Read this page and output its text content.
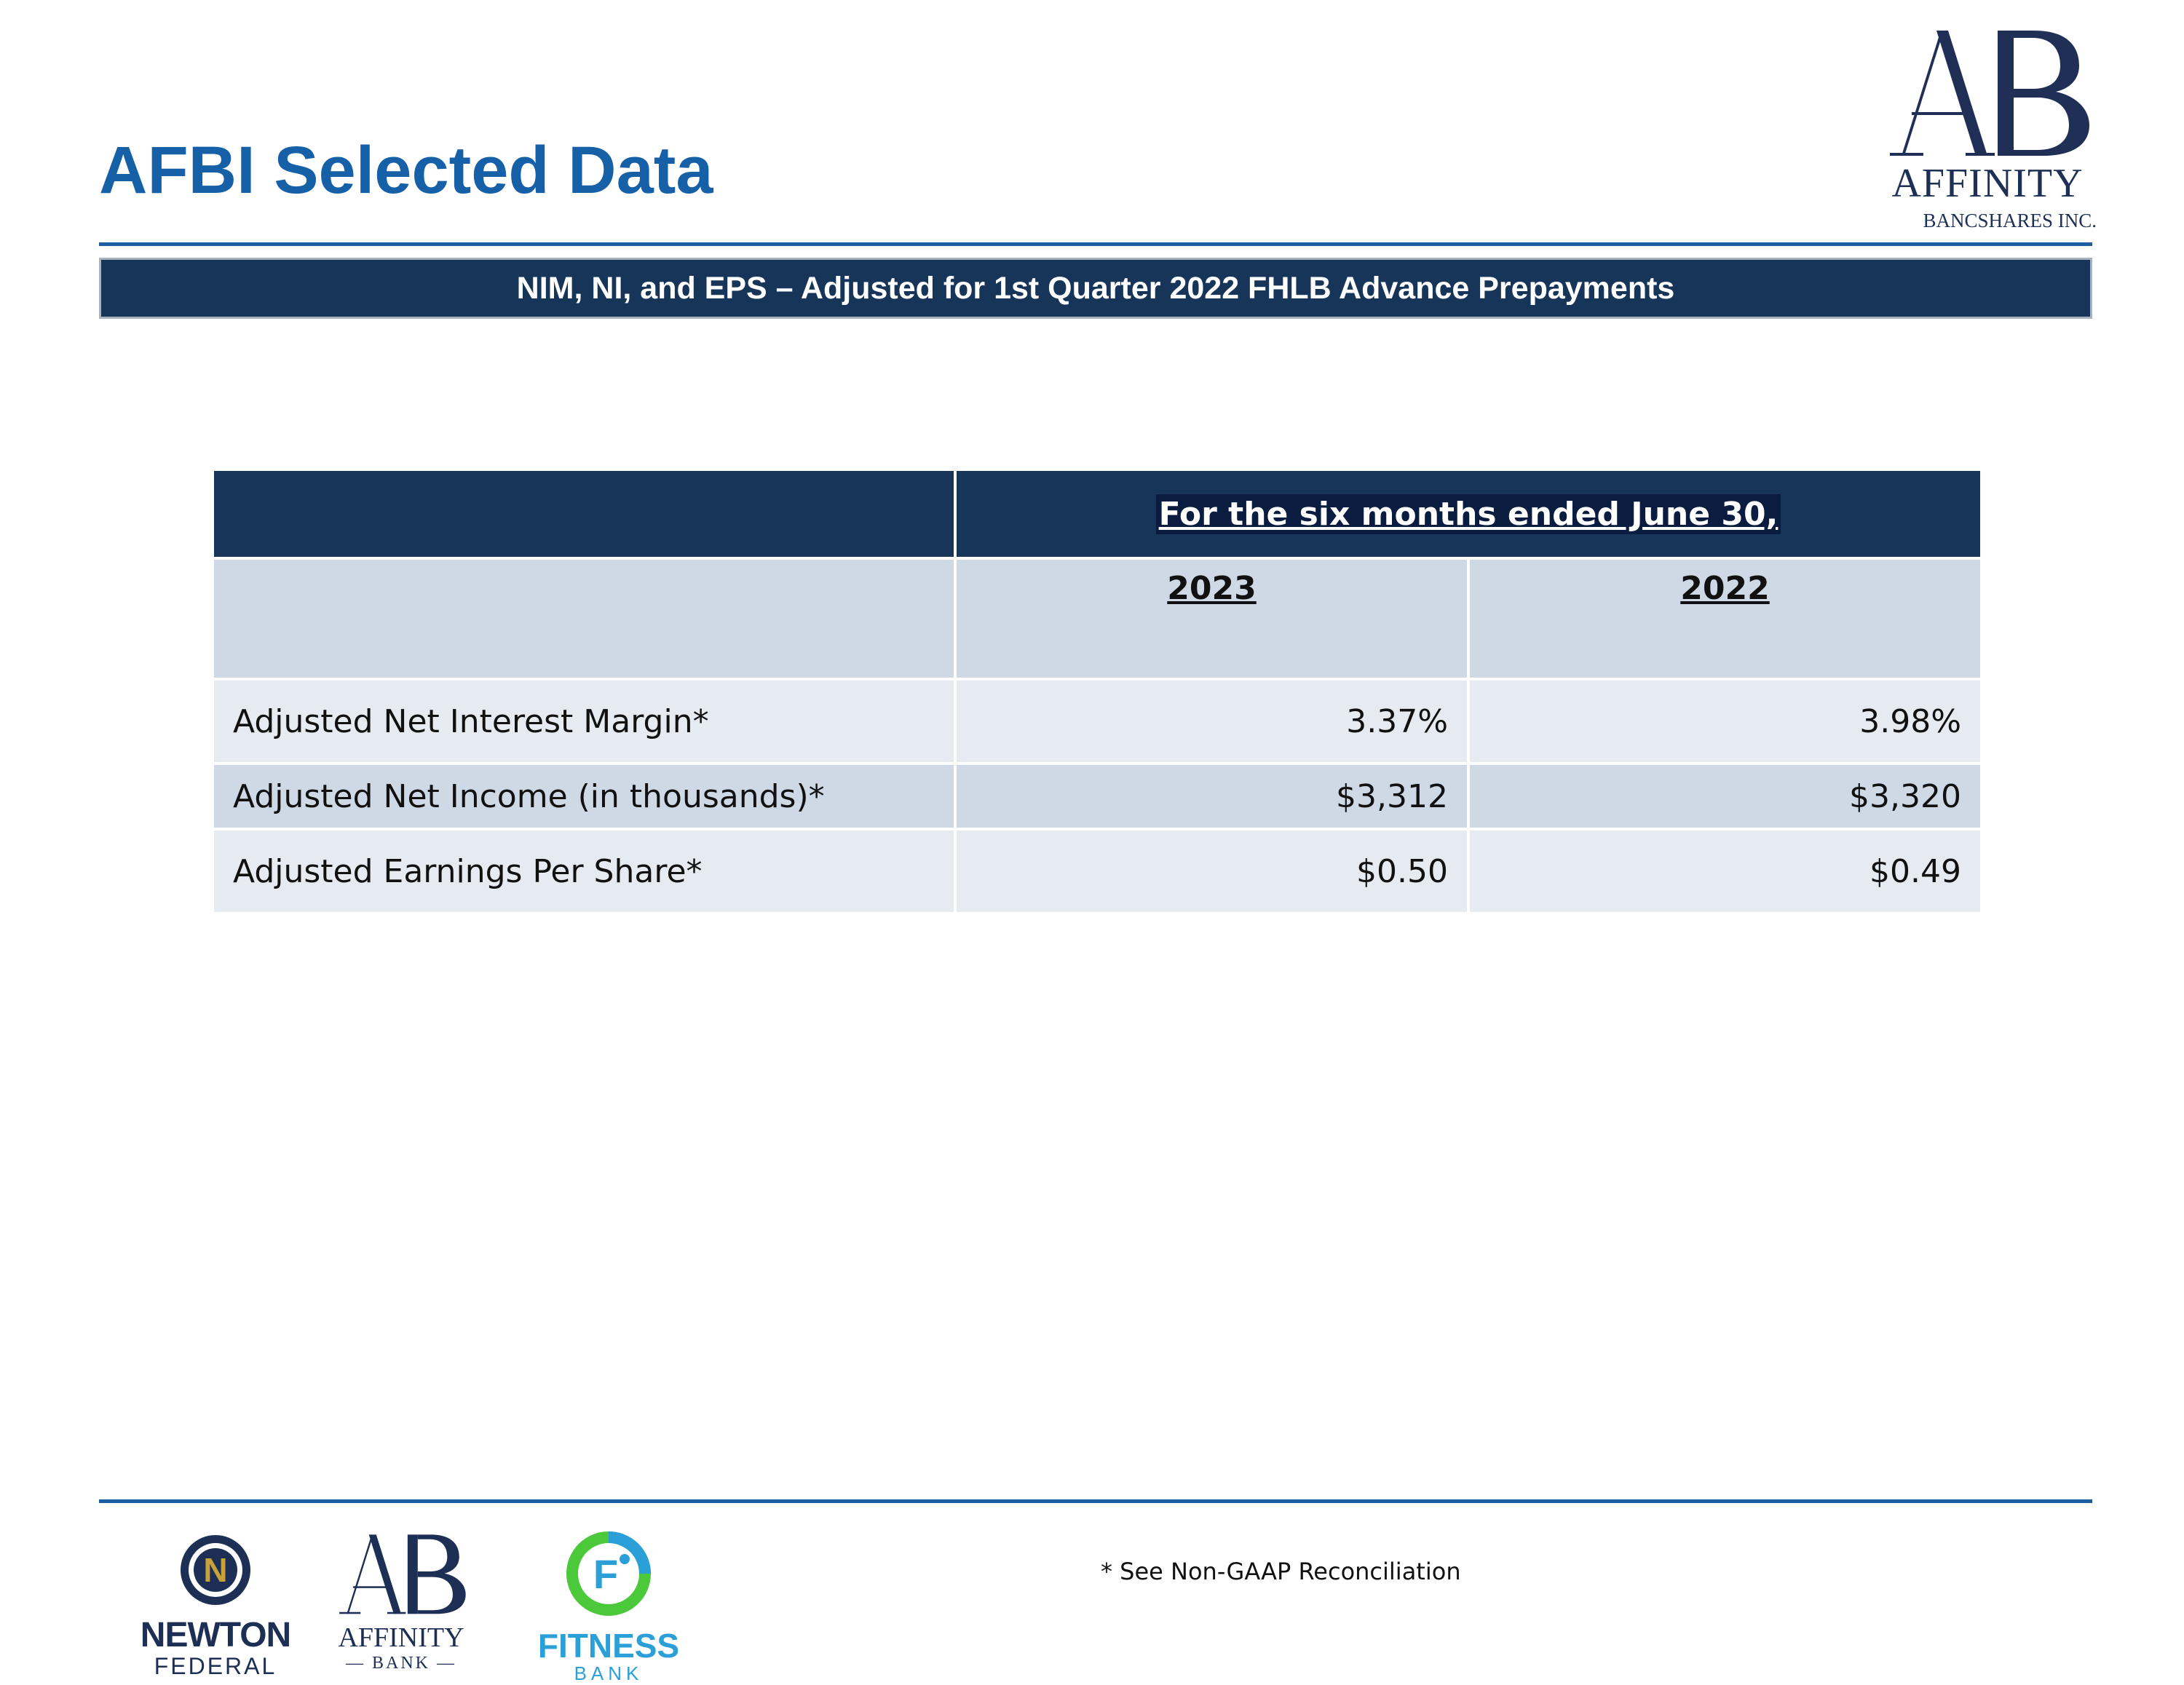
AFBI Selected Data	AFFINITY
BANCSHARES INC.
NIM, NI, and EPS – Adjusted for 1st Quarter 2022 FHLB Advance Prepayments
	For the six months ended June 30,	
	2023	2022
Adjusted Net Interest Margin*	3.37%	3.98%
Adjusted Net Income (in thousands)*	$3,312	$3,320
Adjusted Earnings Per Share*	$0.50	$0.49
N
NEWTON
FEDERAL
AFFINITY
— BANK —
F
FITNESS
BANK
* See Non-GAAP Reconciliation
